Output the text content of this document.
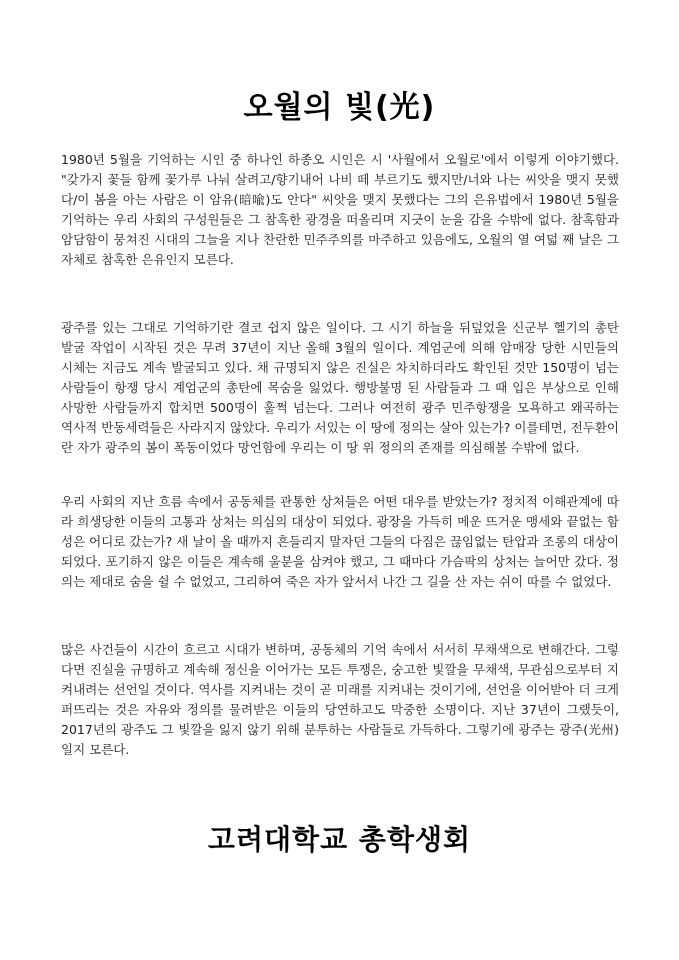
오월의 빛(光)

1980년 5월을 기억하는 시인 중 하나인 하종오 시인은 시 '사월에서 오월로'에서 이렇게 이야기했다. "갖가지 꽃들 함께 꽃가루 나눠 살려고/향기내어 나비 떼 부르기도 했지만/너와 나는 씨앗을 맺지 못했다/이 봄을 아는 사람은 이 암유(暗喩)도 안다" 씨앗을 맺지 못했다는 그의 은유법에서 1980년 5월을 기억하는 우리 사회의 구성원들은 그 참혹한 광경을 떠올리며 지긋이 눈을 감을 수밖에 없다. 참혹함과 암담함이 뭉쳐진 시대의 그늘을 지나 찬란한 민주주의를 마주하고 있음에도, 오월의 열 여덟 째 날은 그 자체로 참혹한 은유인지 모른다.

광주를 있는 그대로 기억하기란 결코 쉽지 않은 일이다. 그 시기 하늘을 뒤덮었을 신군부 헬기의 총탄 발굴 작업이 시작된 것은 무려 37년이 지난 올해 3월의 일이다. 계엄군에 의해 암매장 당한 시민들의 시체는 지금도 계속 발굴되고 있다. 채 규명되지 않은 진실은 차치하더라도 확인된 것만 150명이 넘는 사람들이 항쟁 당시 계엄군의 총탄에 목숨을 잃었다. 행방불명 된 사람들과 그 때 입은 부상으로 인해 사망한 사람들까지 합치면 500명이 훌쩍 넘는다. 그러나 여전히 광주 민주항쟁을 모욕하고 왜곡하는 역사적 반동세력들은 사라지지 않았다. 우리가 서있는 이 땅에 정의는 살아 있는가? 이를테면, 전두환이란 자가 광주의 봄이 폭동이었다 망언함에 우리는 이 땅 위 정의의 존재를 의심해볼 수밖에 없다.

우리 사회의 지난 흐름 속에서 공동체를 관통한 상처들은 어떤 대우를 받았는가? 정치적 이해관계에 따라 희생당한 이들의 고통과 상처는 의심의 대상이 되었다. 광장을 가득히 메운 뜨거운 맹세와 끝없는 함성은 어디로 갔는가? 새 날이 올 때까지 흔들리지 말자던 그들의 다짐은 끊임없는 탄압과 조롱의 대상이 되었다. 포기하지 않은 이들은 계속해 울분을 삼켜야 했고, 그 때마다 가슴팍의 상처는 늘어만 갔다. 정의는 제대로 숨을 쉴 수 없었고, 그리하여 죽은 자가 앞서서 나간 그 길을 산 자는 쉬이 따를 수 없었다.

많은 사건들이 시간이 흐르고 시대가 변하며, 공동체의 기억 속에서 서서히 무채색으로 변해간다. 그렇다면 진실을 규명하고 계속해 정신을 이어가는 모든 투쟁은, 숭고한 빛깔을 무채색, 무관심으로부터 지켜내려는 선언일 것이다. 역사를 지켜내는 것이 곧 미래를 지켜내는 것이기에, 선언을 이어받아 더 크게 퍼뜨리는 것은 자유와 정의를 물려받은 이들의 당연하고도 막중한 소명이다. 지난 37년이 그랬듯이, 2017년의 광주도 그 빛깔을 잃지 않기 위해 분투하는 사람들로 가득하다. 그렇기에 광주는 광주(光州)일지 모른다.

고려대학교 총학생회
